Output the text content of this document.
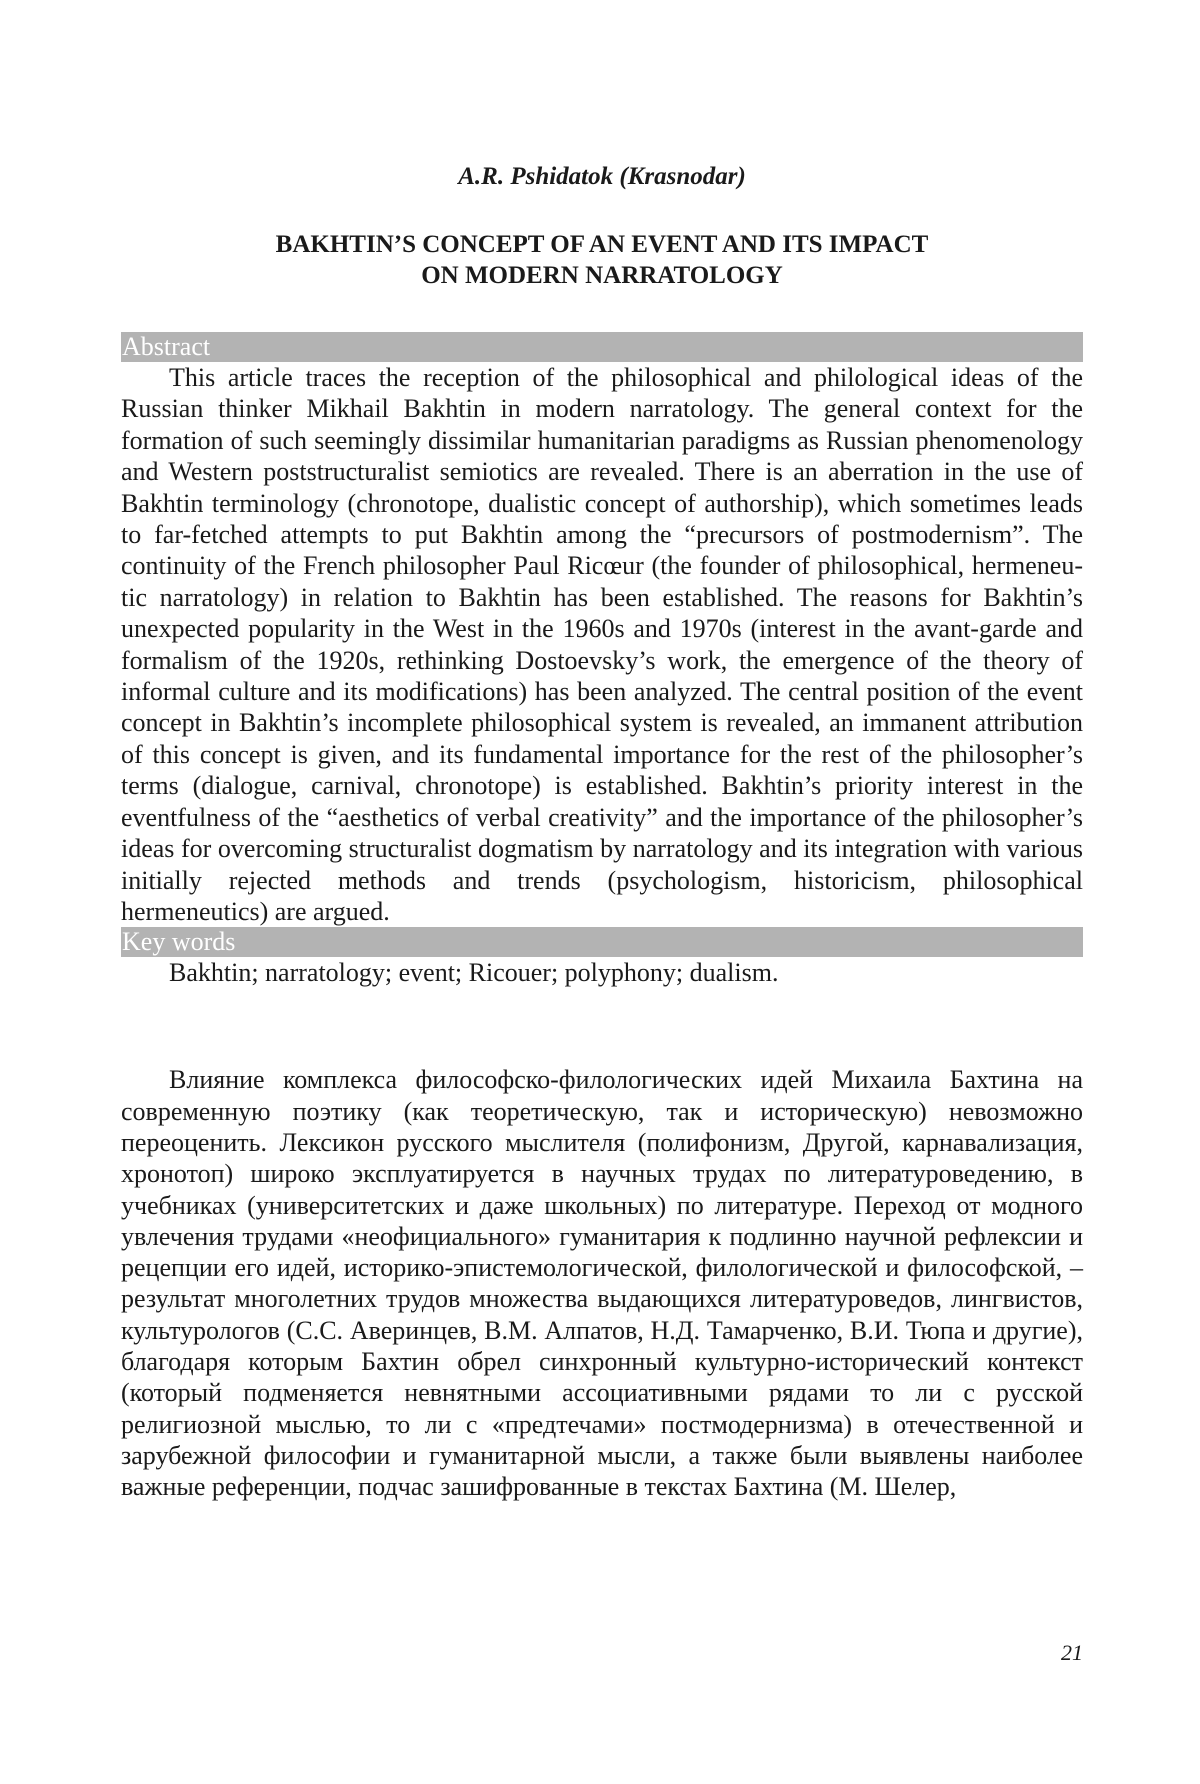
A.R. Pshidatok (Krasnodar)

BAKHTIN’S CONCEPT OF AN EVENT AND ITS IMPACT
ON MODERN NARRATOLOGY
Abstract

This article traces the reception of the philosophical and philological ideas of the Russian thinker Mikhail Bakhtin in modern narratology. The general context for the formation of such seemingly dissimilar humanitarian paradigms as Russian phenomenology and Western poststructuralist semiotics are revealed. There is an aberration in the use of Bakhtin terminology (chronotope, dualistic concept of authorship), which sometimes leads to far-fetched attempts to put Bakhtin among the “precursors of postmodernism”. The continuity of the French philosopher Paul Ricœur (the founder of philosophical, hermeneutic narratology) in relation to Bakhtin has been established. The reasons for Bakhtin’s unexpected popularity in the West in the 1960s and 1970s (interest in the avant-garde and formalism of the 1920s, rethinking Dostoevsky’s work, the emergence of the theory of informal culture and its modifications) has been analyzed. The central position of the event concept in Bakhtin’s incomplete philosophical system is revealed, an immanent attribution of this concept is given, and its fundamental importance for the rest of the philosopher’s terms (dialogue, carnival, chronotope) is established. Bakhtin’s priority interest in the eventfulness of the “aesthetics of verbal creativity” and the importance of the philosopher’s ideas for overcoming structuralist dogmatism by narratology and its integration with various initially rejected methods and trends (psychologism, historicism, philosophical hermeneutics) are argued.

Key words

Bakhtin; narratology; event; Ricouer; polyphony; dualism.

Влияние комплекса философско-филологических идей Михаила Бахтина на современную поэтику (как теоретическую, так и историческую) невозможно переоценить. Лексикон русского мыслителя (полифонизм, Другой, карнавализация, хронотоп) широко эксплуатируется в научных трудах по литературоведению, в учебниках (университетских и даже школьных) по литературе. Переход от модного увлечения трудами «неофициального» гуманитария к подлинно научной рефлексии и рецепции его идей, историко-эпистемологической, филологической и философской, – результат многолетних трудов множества выдающихся литературоведов, лингвистов, культурологов (С.С. Аверинцев, В.М. Алпатов, Н.Д. Тамарченко, В.И. Тюпа и другие), благодаря которым Бахтин обрел синхронный культурно-исторический контекст (который подменяется невнятными ассоциативными рядами то ли с русской религиозной мыслью, то ли с «предтечами» постмодернизма) в отечественной и зарубежной философии и гуманитарной мысли, а также были выявлены наиболее важные референции, подчас зашифрованные в текстах Бахтина (М. Шелер,

21
